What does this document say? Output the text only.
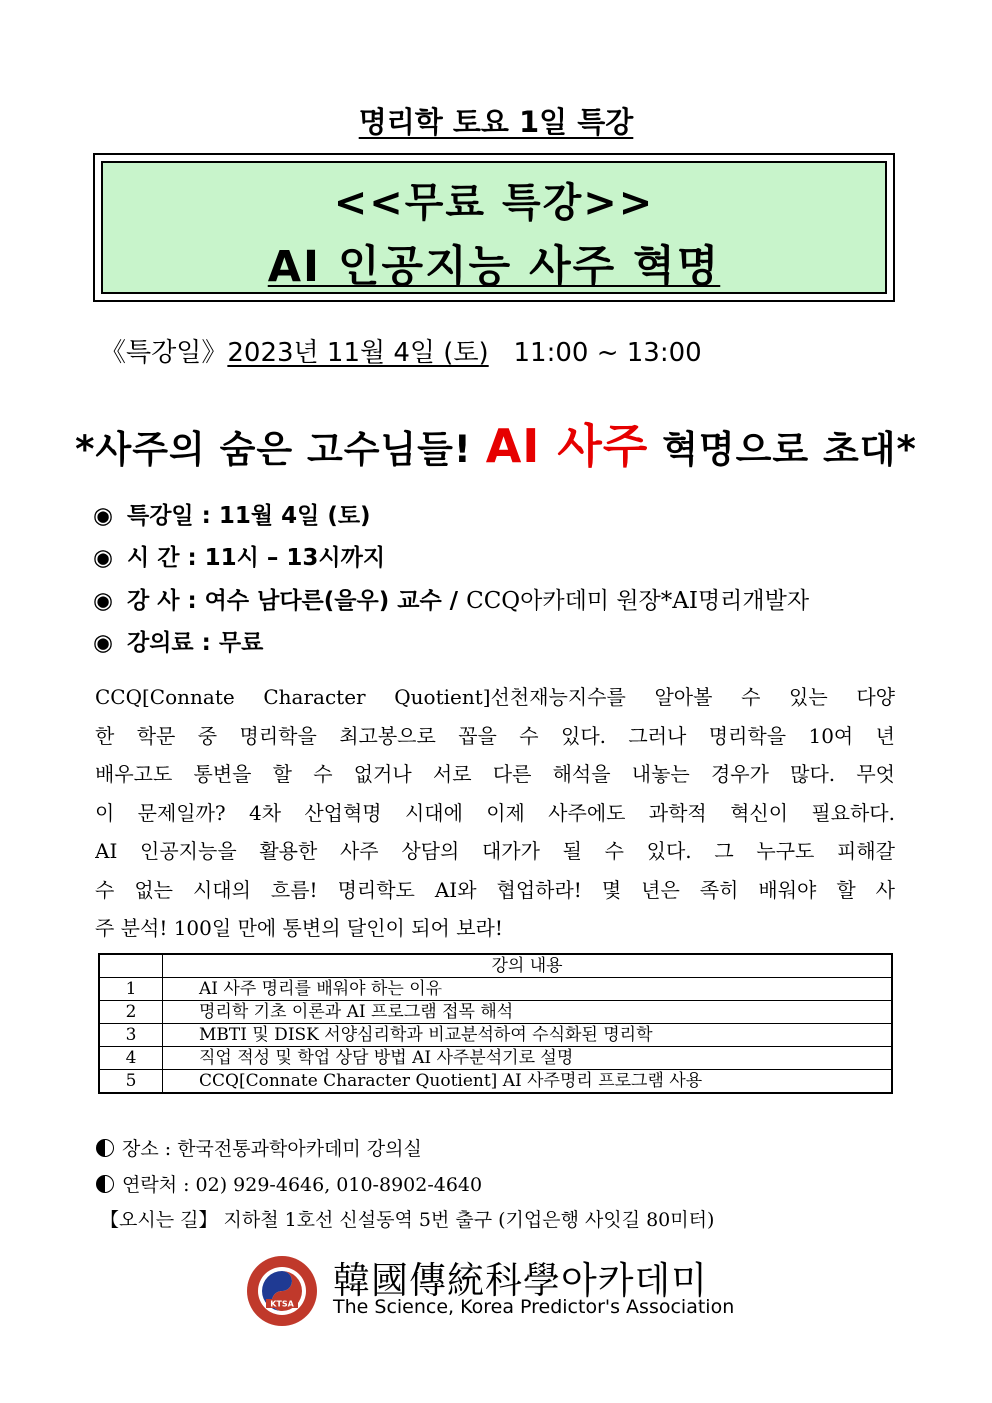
명리학 토요 1일 특강
<<무료 특강>>
AI 인공지능 사주 혁명
《특강일》2023년 11월 4일 (토) 11:00 ~ 13:00
*사주의 숨은 고수님들! AI 사주 혁명으로 초대*
◉ 특강일 : 11월 4일 (토)
◉ 시 간 : 11시 – 13시까지
◉ 강 사 : 여수 남다른(을우) 교수 / CCQ아카데미 원장*AI명리개발자
◉ 강의료 : 무료
CCQ[Connate Character Quotient]선천재능지수를 알아볼 수 있는 다양
한 학문 중 명리학을 최고봉으로 꼽을 수 있다. 그러나 명리학을 10여 년
배우고도 통변을 할 수 없거나 서로 다른 해석을 내놓는 경우가 많다. 무엇
이 문제일까? 4차 산업혁명 시대에 이제 사주에도 과학적 혁신이 필요하다.
AI 인공지능을 활용한 사주 상담의 대가가 될 수 있다. 그 누구도 피해갈
수 없는 시대의 흐름! 명리학도 AI와 협업하라! 몇 년은 족히 배워야 할 사
주 분석! 100일 만에 통변의 달인이 되어 보라!
	강의 내용
1	AI 사주 명리를 배워야 하는 이유
2	명리학 기초 이론과 AI 프로그램 접목 해석
3	MBTI 및 DISK 서양심리학과 비교분석하여 수식화된 명리학
4	직업 적성 및 학업 상담 방법 AI 사주분석기로 설명
5	CCQ[Connate Character Quotient] AI 사주명리 프로그램 사용
장소 : 한국전통과학아카데미 강의실
연락처 : 02) 929-4646, 010-8902-4640
【오시는 길】 지하철 1호선 신설동역 5번 출구 (기업은행 사잇길 80미터)
KTSA
韓國傳統科學아카데미
The Science, Korea Predictor's Association
